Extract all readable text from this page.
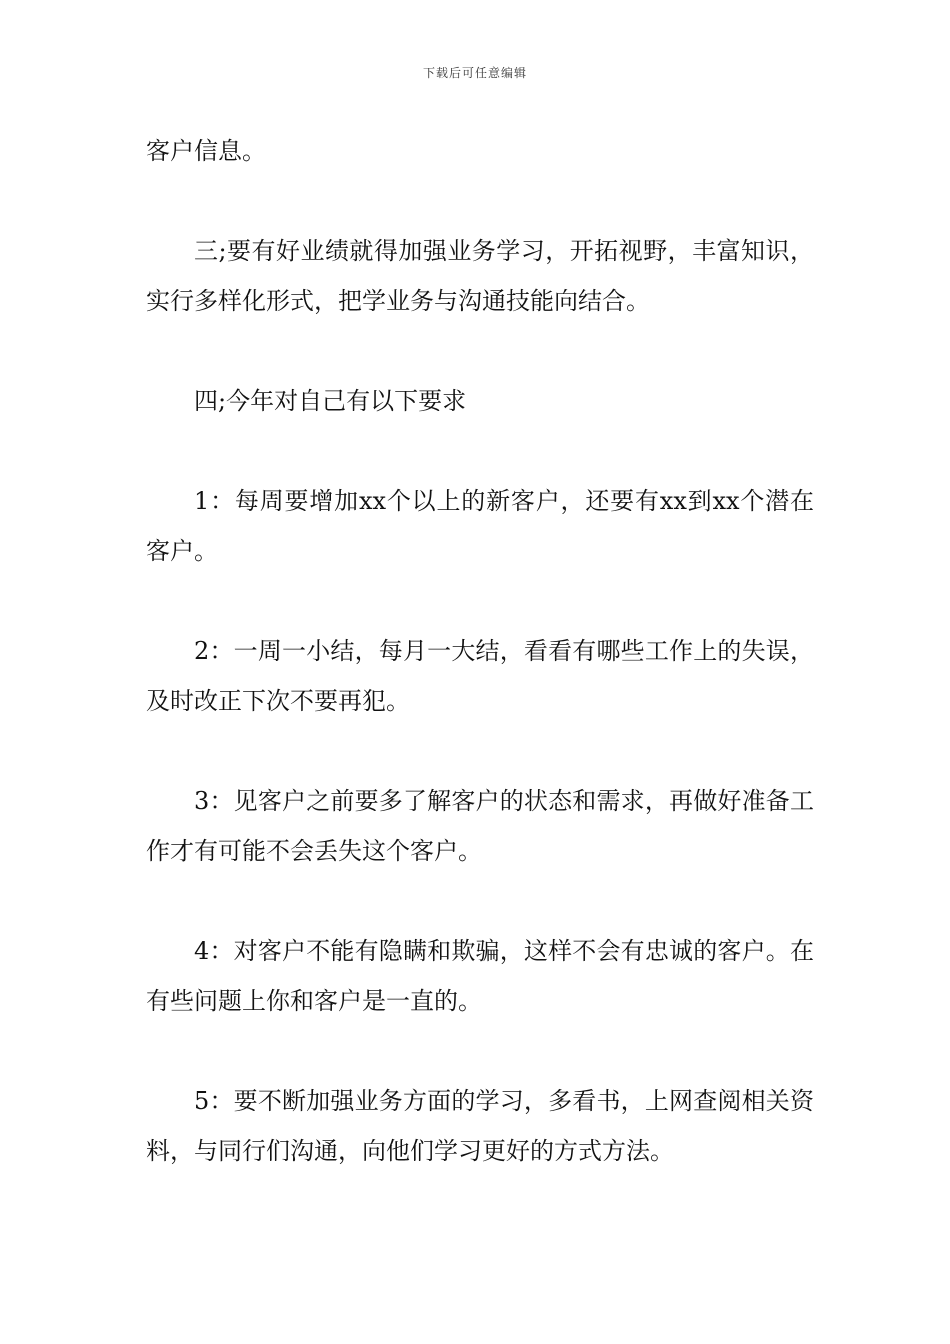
下载后可任意编辑

客户信息。

三;要有好业绩就得加强业务学习，开拓视野，丰富知识，实行多样化形式，把学业务与沟通技能向结合。

四;今年对自己有以下要求

1：每周要增加xx个以上的新客户，还要有xx到xx个潜在客户。

2：一周一小结，每月一大结，看看有哪些工作上的失误，及时改正下次不要再犯。

3：见客户之前要多了解客户的状态和需求，再做好准备工作才有可能不会丢失这个客户。

4：对客户不能有隐瞒和欺骗，这样不会有忠诚的客户。在有些问题上你和客户是一直的。

5：要不断加强业务方面的学习，多看书，上网查阅相关资料，与同行们沟通，向他们学习更好的方式方法。
